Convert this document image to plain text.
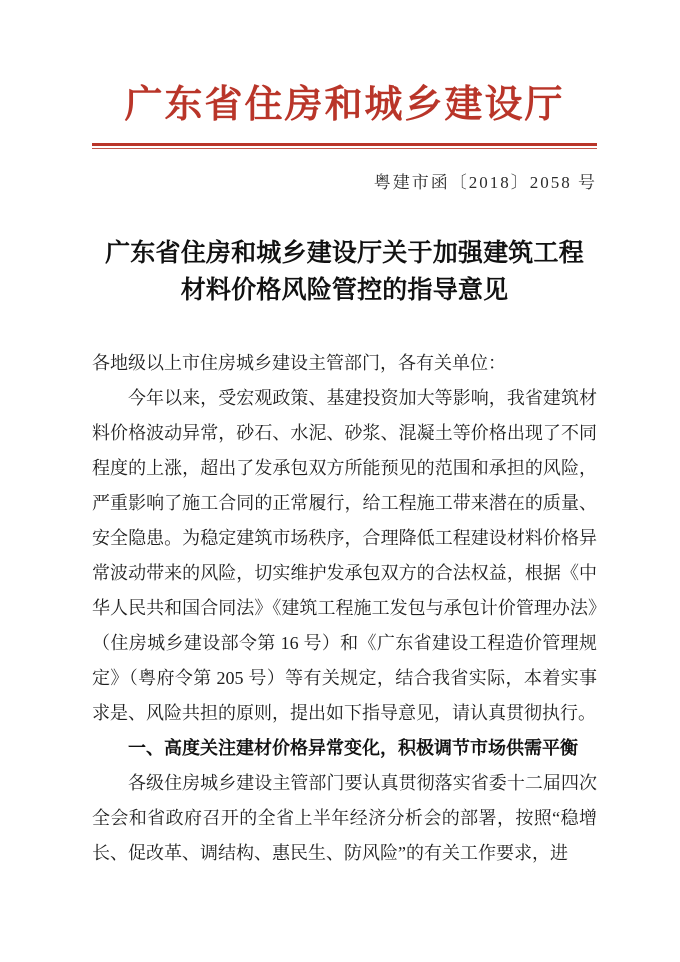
广东省住房和城乡建设厅
粤建市函〔2018〕2058 号
广东省住房和城乡建设厅关于加强建筑工程材料价格风险管控的指导意见

各地级以上市住房城乡建设主管部门，各有关单位：

今年以来，受宏观政策、基建投资加大等影响，我省建筑材料价格波动异常，砂石、水泥、砂浆、混凝土等价格出现了不同程度的上涨，超出了发承包双方所能预见的范围和承担的风险，严重影响了施工合同的正常履行，给工程施工带来潜在的质量、安全隐患。为稳定建筑市场秩序，合理降低工程建设材料价格异常波动带来的风险，切实维护发承包双方的合法权益，根据《中华人民共和国合同法》《建筑工程施工发包与承包计价管理办法》（住房城乡建设部令第 16 号）和《广东省建设工程造价管理规定》（粤府令第 205 号）等有关规定，结合我省实际，本着实事求是、风险共担的原则，提出如下指导意见，请认真贯彻执行。

一、高度关注建材价格异常变化，积极调节市场供需平衡

各级住房城乡建设主管部门要认真贯彻落实省委十二届四次全会和省政府召开的全省上半年经济分析会的部署，按照“稳增长、促改革、调结构、惠民生、防风险”的有关工作要求，进
